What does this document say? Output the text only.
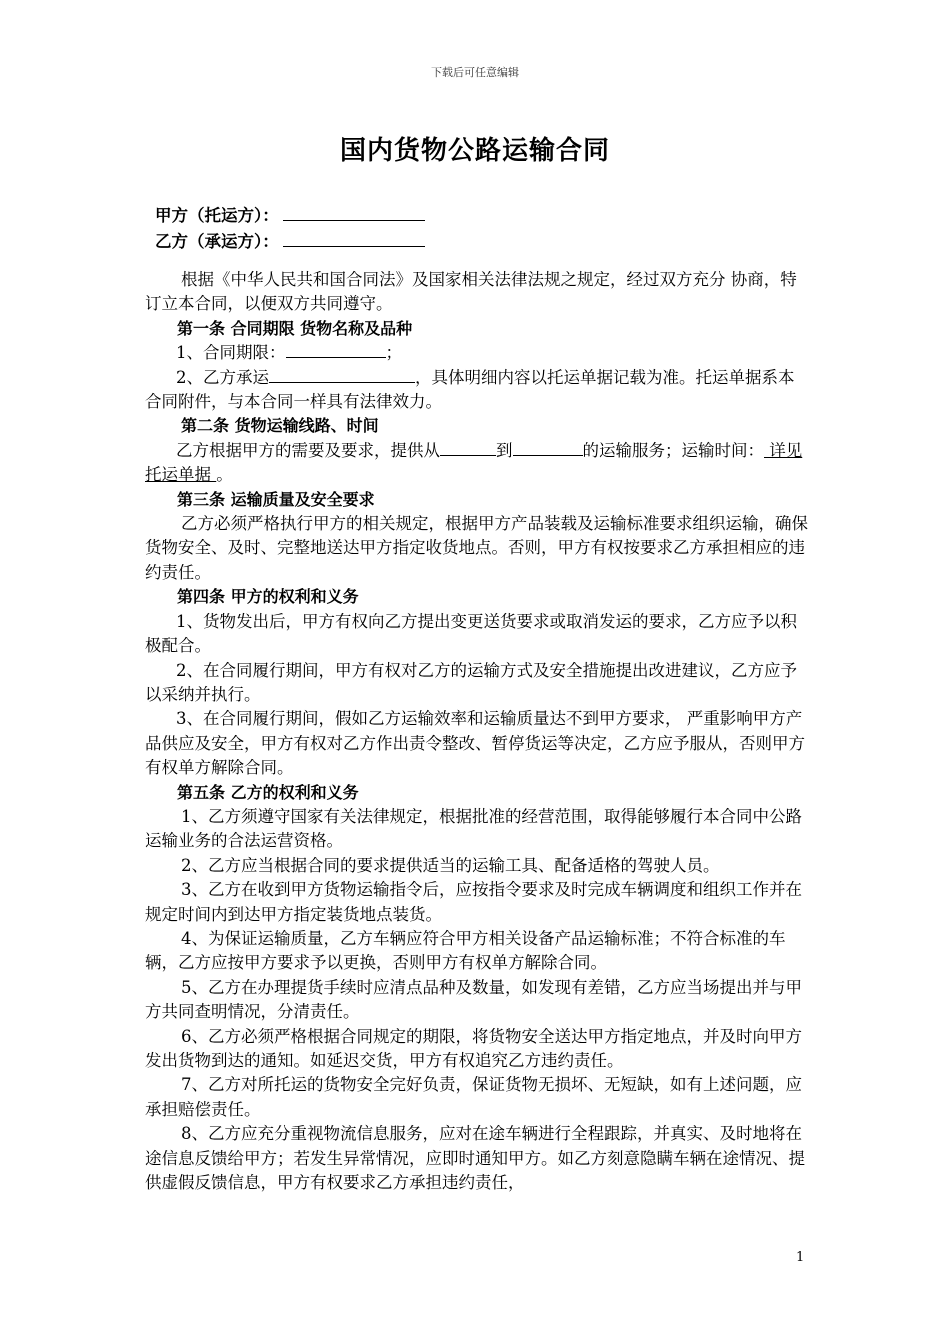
下载后可任意编辑
国内货物公路运输合同
甲方（托运方）：
乙方（承运方）：

根据《中华人民共和国合同法》及国家相关法律法规之规定，经过双方充分 协商，特订立本合同，以便双方共同遵守。

第一条 合同期限 货物名称及品种

1、合同期限：	；

2、乙方承运	，具体明细内容以托运单据记载为准。托运单据系本合同附件，与本合同一样具有法律效力。

第二条 货物运输线路、时间

乙方根据甲方的需要及要求，提供从	到	的运输服务；运输时间： 详见托运单据 。

第三条 运输质量及安全要求

乙方必须严格执行甲方的相关规定，根据甲方产品装载及运输标准要求组织运输，确保货物安全、及时、完整地送达甲方指定收货地点。否则，甲方有权按要求乙方承担相应的违约责任。

第四条 甲方的权利和义务

1、货物发出后，甲方有权向乙方提出变更送货要求或取消发运的要求，乙方应予以积极配合。

2、在合同履行期间，甲方有权对乙方的运输方式及安全措施提出改进建议，乙方应予以采纳并执行。

3、在合同履行期间，假如乙方运输效率和运输质量达不到甲方要求， 严重影响甲方产品供应及安全，甲方有权对乙方作出责令整改、暂停货运等决定，乙方应予服从，否则甲方有权单方解除合同。

第五条 乙方的权利和义务

1、乙方须遵守国家有关法律规定，根据批准的经营范围，取得能够履行本合同中公路运输业务的合法运营资格。

2、乙方应当根据合同的要求提供适当的运输工具、配备适格的驾驶人员。

3、乙方在收到甲方货物运输指令后，应按指令要求及时完成车辆调度和组织工作并在规定时间内到达甲方指定装货地点装货。

4、为保证运输质量，乙方车辆应符合甲方相关设备产品运输标准；不符合标准的车辆，乙方应按甲方要求予以更换，否则甲方有权单方解除合同。

5、乙方在办理提货手续时应清点品种及数量，如发现有差错，乙方应当场提出并与甲方共同查明情况，分清责任。

6、乙方必须严格根据合同规定的期限，将货物安全送达甲方指定地点，并及时向甲方发出货物到达的通知。如延迟交货，甲方有权追究乙方违约责任。

7、乙方对所托运的货物安全完好负责，保证货物无损坏、无短缺，如有上述问题，应承担赔偿责任。

8、乙方应充分重视物流信息服务，应对在途车辆进行全程跟踪，并真实、及时地将在途信息反馈给甲方；若发生异常情况，应即时通知甲方。如乙方刻意隐瞒车辆在途情况、提供虚假反馈信息，甲方有权要求乙方承担违约责任，

1
